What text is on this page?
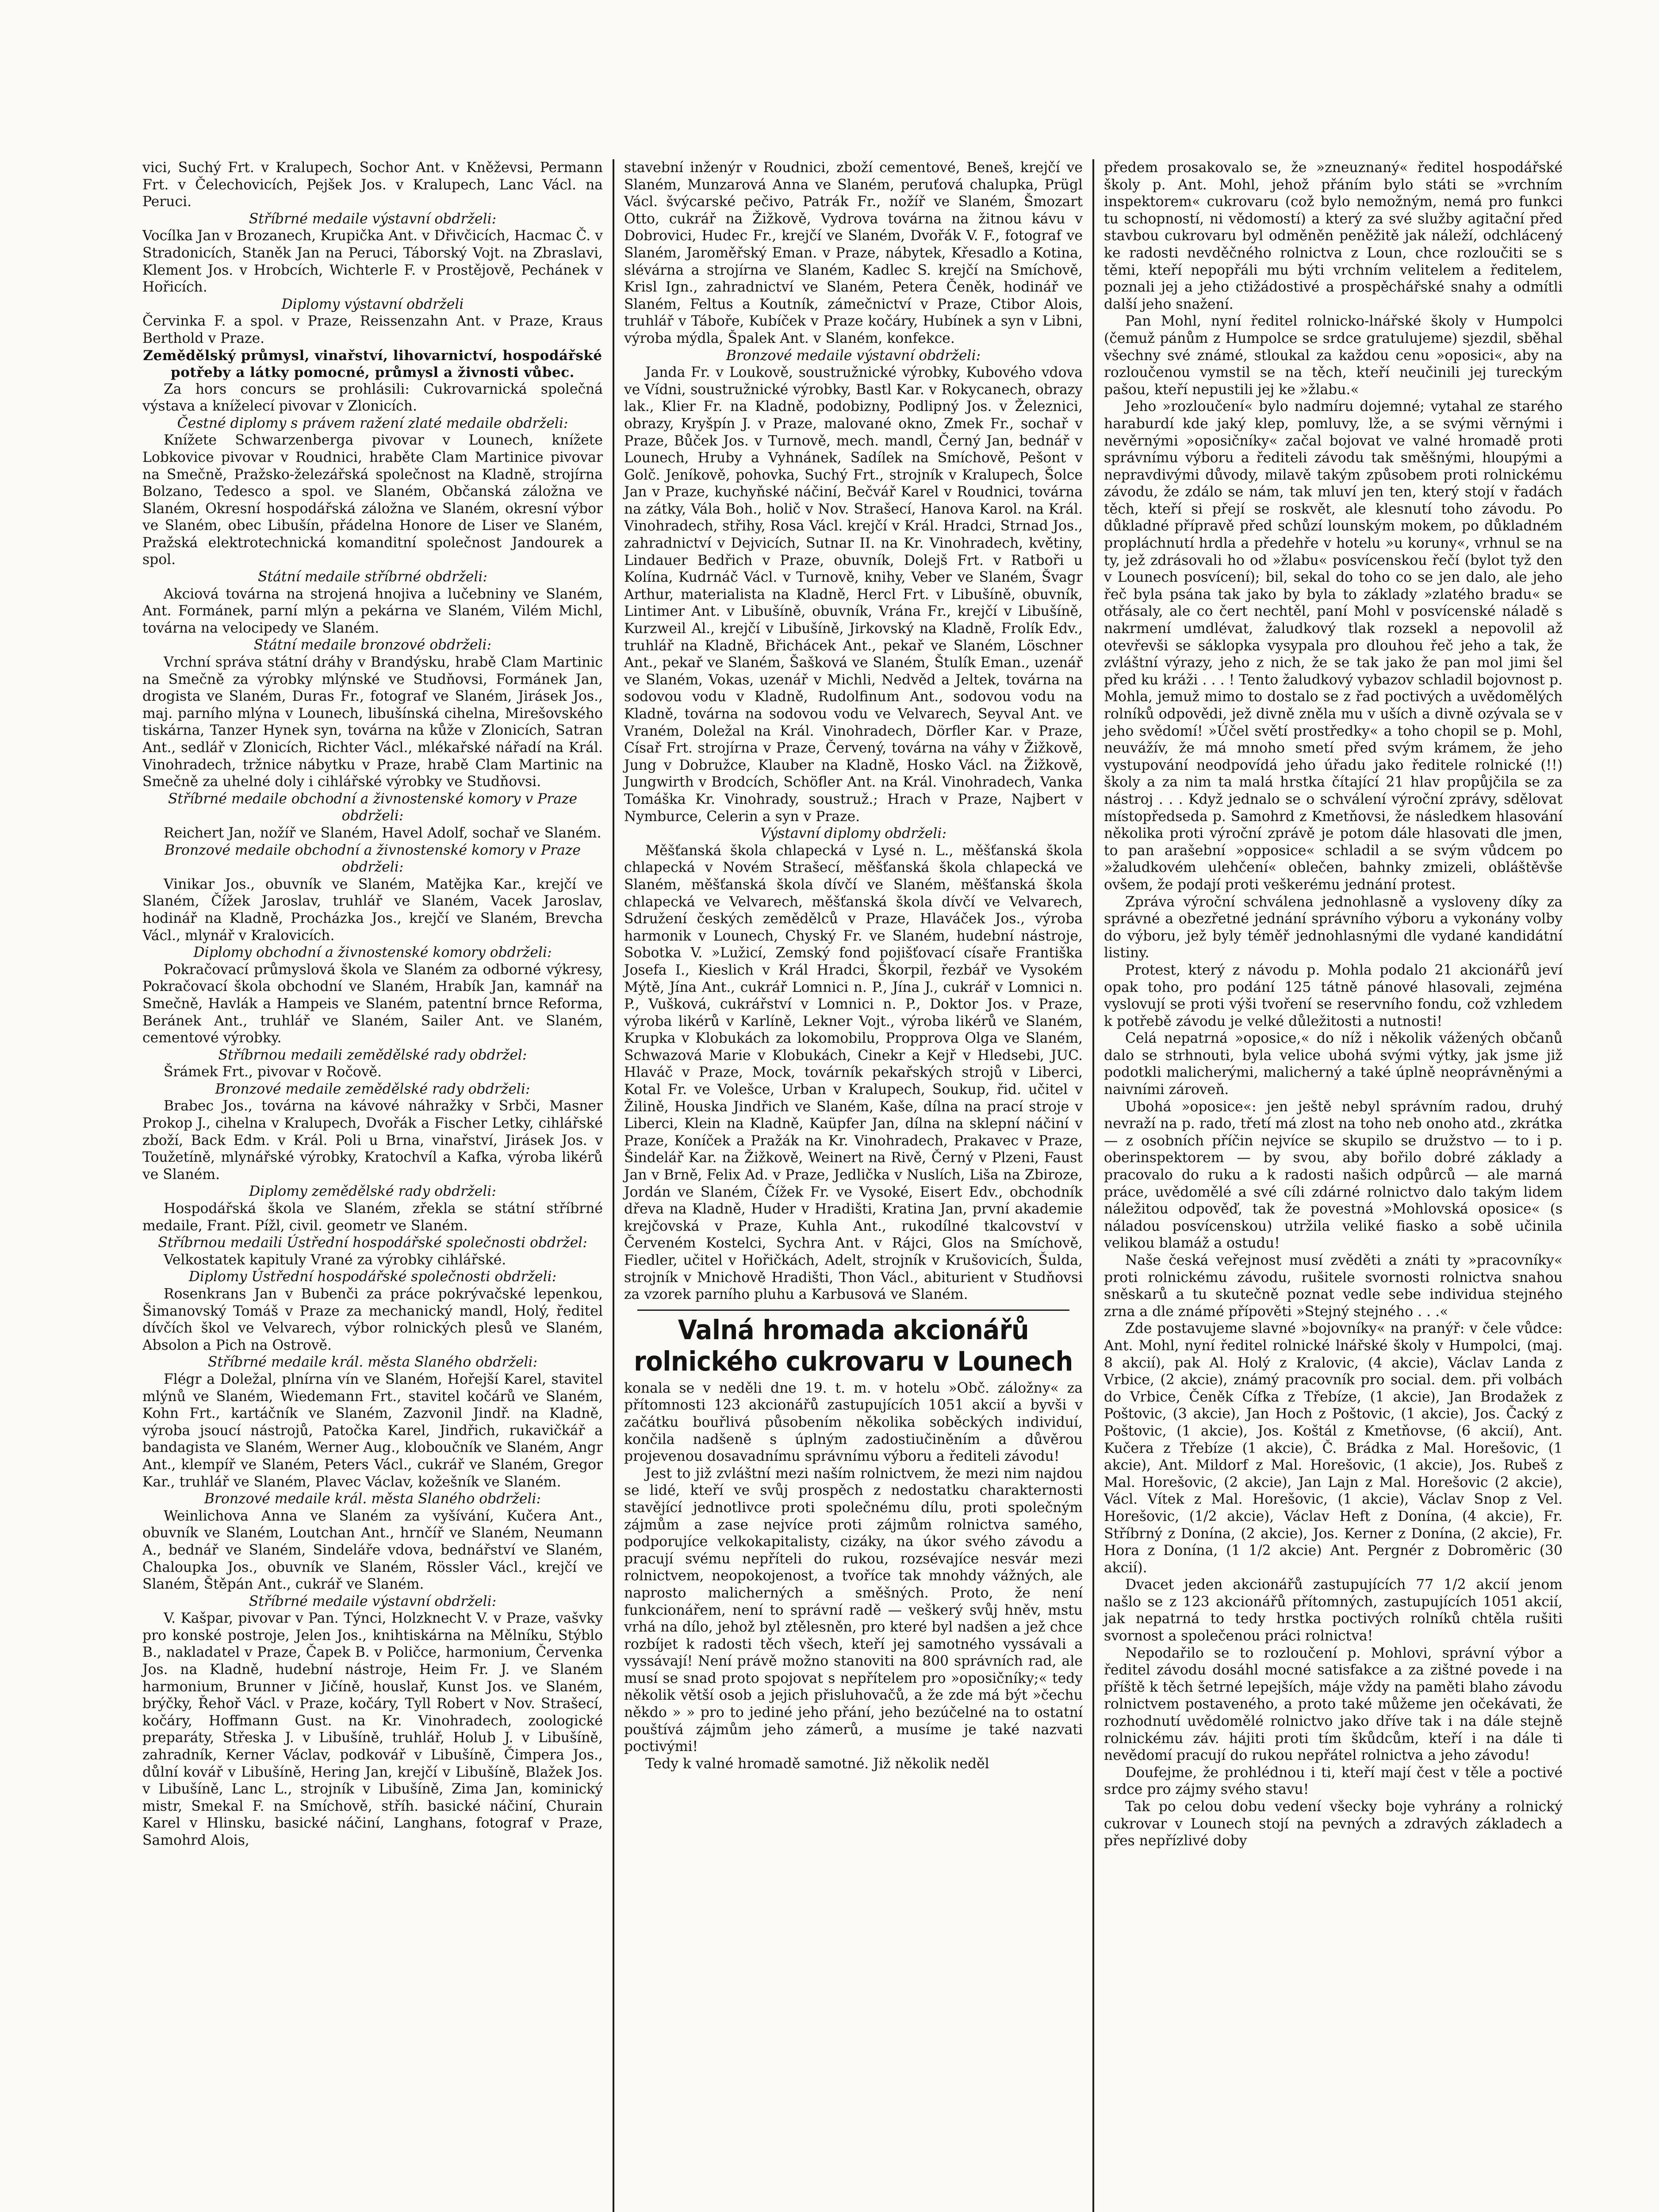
vici, Suchý Frt. v Kralupech, Sochor Ant. v Kněževsi, Permann Frt. v Čelechovicích, Pejšek Jos. v Kralupech, Lanc Václ. na Peruci.

Stříbrné medaile výstavní obdrželi:

Vocílka Jan v Brozanech, Krupička Ant. v Dřivčicích, Hacmac Č. v Stradonicích, Staněk Jan na Peruci, Táborský Vojt. na Zbraslavi, Klement Jos. v Hrobcích, Wichterle F. v Prostějově, Pechánek v Hořicích.

Diplomy výstavní obdrželi

Červinka F. a spol. v Praze, Reissenzahn Ant. v Praze, Kraus Berthold v Praze.

Zemědělský průmysl, vinařství, lihovarnictví, hospodářské potřeby a látky pomocné, průmysl a živnosti vůbec.

Za hors concurs se prohlásili: Cukrovarnická společná výstava a kníželecí pivovar v Zlonicích.

Čestné diplomy s právem ražení zlaté medaile obdrželi:

Knížete Schwarzenberga pivovar v Lounech, knížete Lobkovice pivovar v Roudnici, hraběte Clam Martinice pivovar na Smečně, Pražsko-železářská společnost na Kladně, strojírna Bolzano, Tedesco a spol. ve Slaném, Občanská záložna ve Slaném, Okresní hospodářská záložna ve Slaném, okresní výbor ve Slaném, obec Libušín, přádelna Honore de Liser ve Slaném, Pražská elektrotechnická komanditní společnost Jandourek a spol.

Státní medaile stříbrné obdrželi:

Akciová továrna na strojená hnojiva a lučebniny ve Slaném, Ant. Formánek, parní mlýn a pekárna ve Slaném, Vilém Michl, továrna na velocipedy ve Slaném.

Státní medaile bronzové obdrželi:

Vrchní správa státní dráhy v Brandýsku, hrabě Clam Martinic na Smečně za výrobky mlýnské ve Studňovsi, Formánek Jan, drogista ve Slaném, Duras Fr., fotograf ve Slaném, Jirásek Jos., maj. parního mlýna v Lounech, libušínská cihelna, Mirešovského tiskárna, Tanzer Hynek syn, továrna na kůže v Zlonicích, Satran Ant., sedlář v Zlonicích, Richter Václ., mlékařské nářadí na Král. Vinohradech, tržnice nábytku v Praze, hrabě Clam Martinic na Smečně za uhelné doly i cihlářské výrobky ve Studňovsi.

Stříbrné medaile obchodní a živnostenské komory v Praze obdrželi:

Reichert Jan, nožíř ve Slaném, Havel Adolf, sochař ve Slaném.

Bronzové medaile obchodní a živnostenské komory v Praze obdrželi:

Vinikar Jos., obuvník ve Slaném, Matějka Kar., krejčí ve Slaném, Čížek Jaroslav, truhlář ve Slaném, Vacek Jaroslav, hodinář na Kladně, Procházka Jos., krejčí ve Slaném, Brevcha Václ., mlynář v Kralovicích.

Diplomy obchodní a živnostenské komory obdrželi:

Pokračovací průmyslová škola ve Slaném za odborné výkresy, Pokračovací škola obchodní ve Slaném, Hrabík Jan, kamnář na Smečně, Havlák a Hampeis ve Slaném, patentní brnce Reforma, Beránek Ant., truhlář ve Slaném, Sailer Ant. ve Slaném, cementové výrobky.

Stříbrnou medaili zemědělské rady obdržel:

Šrámek Frt., pivovar v Ročově.

Bronzové medaile zemědělské rady obdrželi:

Brabec Jos., továrna na kávové náhražky v Srbči, Masner Prokop J., cihelna v Kralupech, Dvořák a Fischer Letky, cihlářské zboží, Back Edm. v Král. Poli u Brna, vinařství, Jirásek Jos. v Toužetíně, mlynářské výrobky, Kratochvíl a Kafka, výroba likérů ve Slaném.

Diplomy zemědělské rady obdrželi:

Hospodářská škola ve Slaném, zřekla se státní stříbrné medaile, Frant. Pížl, civil. geometr ve Slaném.

Stříbrnou medaili Ústřední hospodářské společnosti obdržel:

Velkostatek kapituly Vrané za výrobky cihlářské.

Diplomy Ústřední hospodářské společnosti obdrželi:

Rosenkrans Jan v Bubenči za práce pokrývačské lepenkou, Šimanovský Tomáš v Praze za mechanický mandl, Holý, ředitel dívčích škol ve Velvarech, výbor rolnických plesů ve Slaném, Absolon a Pich na Ostrově.

Stříbrné medaile král. města Slaného obdrželi:

Flégr a Doležal, plnírna vín ve Slaném, Hořejší Karel, stavitel mlýnů ve Slaném, Wiedemann Frt., stavitel kočárů ve Slaném, Kohn Frt., kartáčník ve Slaném, Zazvonil Jindř. na Kladně, výroba jsoucí nástrojů, Patočka Karel, Jindřich, rukavičkář a bandagista ve Slaném, Werner Aug., kloboučník ve Slaném, Angr Ant., klempíř ve Slaném, Peters Václ., cukrář ve Slaném, Gregor Kar., truhlář ve Slaném, Plavec Václav, kožešník ve Slaném.

Bronzové medaile král. města Slaného obdrželi:

Weinlichova Anna ve Slaném za vyšívání, Kučera Ant., obuvník ve Slaném, Loutchan Ant., hrnčíř ve Slaném, Neumann A., bednář ve Slaném, Sindeláře vdova, bednářství ve Slaném, Chaloupka Jos., obuvník ve Slaném, Rössler Václ., krejčí ve Slaném, Štěpán Ant., cukrář ve Slaném.

Stříbrné medaile výstavní obdrželi:

V. Kašpar, pivovar v Pan. Týnci, Holzknecht V. v Praze, vašvky pro konské postroje, Jelen Jos., knihtiskárna na Mělníku, Stýblo B., nakladatel v Praze, Čapek B. v Poličce, harmonium, Červenka Jos. na Kladně, hudební nástroje, Heim Fr. J. ve Slaném harmonium, Brunner v Jičíně, houslař, Kunst Jos. ve Slaném, brýčky, Řehoř Václ. v Praze, kočáry, Tyll Robert v Nov. Strašecí, kočáry, Hoffmann Gust. na Kr. Vinohradech, zoologické preparáty, Střeska J. v Libušíně, truhlář, Holub J. v Libušíně, zahradník, Kerner Václav, podkovář v Libušíně, Čimpera Jos., důlní kovář v Libušíně, Hering Jan, krejčí v Libušíně, Blažek Jos. v Libušíně, Lanc L., strojník v Libušíně, Zima Jan, kominický mistr, Smekal F. na Smíchově, stříh. basické náčiní, Churain Karel v Hlinsku, basické náčiní, Langhans, fotograf v Praze, Samohrd Alois,

stavební inženýr v Roudnici, zboží cementové, Beneš, krejčí ve Slaném, Munzarová Anna ve Slaném, peruťová chalupka, Prügl Václ. švýcarské pečivo, Patrák Fr., nožíř ve Slaném, Šmozart Otto, cukrář na Žižkově, Vydrova továrna na žitnou kávu v Dobrovici, Hudec Fr., krejčí ve Slaném, Dvořák V. F., fotograf ve Slaném, Jaroměřský Eman. v Praze, nábytek, Křesadlo a Kotina, slévárna a strojírna ve Slaném, Kadlec S. krejčí na Smíchově, Krisl Ign., zahradnictví ve Slaném, Petera Čeněk, hodinář ve Slaném, Feltus a Koutník, zámečnictví v Praze, Ctibor Alois, truhlář v Táboře, Kubíček v Praze kočáry, Hubínek a syn v Libni, výroba mýdla, Špalek Ant. v Slaném, konfekce.

Bronzové medaile výstavní obdrželi:

Janda Fr. v Loukově, soustružnické výrobky, Kubového vdova ve Vídni, soustružnické výrobky, Bastl Kar. v Rokycanech, obrazy lak., Klier Fr. na Kladně, podobizny, Podlipný Jos. v Železnici, obrazy, Kryšpín J. v Praze, malované okno, Zmek Fr., sochař v Praze, Bůček Jos. v Turnově, mech. mandl, Černý Jan, bednář v Lounech, Hruby a Vyhnánek, Sadílek na Smíchově, Pešont v Golč. Jeníkově, pohovka, Suchý Frt., strojník v Kralupech, Šolce Jan v Praze, kuchyňské náčiní, Bečvář Karel v Roudnici, továrna na zátky, Vála Boh., holič v Nov. Strašecí, Hanova Karol. na Král. Vinohradech, střihy, Rosa Václ. krejčí v Král. Hradci, Strnad Jos., zahradnictví v Dejvicích, Sutnar II. na Kr. Vinohradech, květiny, Lindauer Bedřich v Praze, obuvník, Dolejš Frt. v Ratboři u Kolína, Kudrnáč Václ. v Turnově, knihy, Veber ve Slaném, Švagr Arthur, materialista na Kladně, Hercl Frt. v Libušíně, obuvník, Lintimer Ant. v Libušíně, obuvník, Vrána Fr., krejčí v Libušíně, Kurzweil Al., krejčí v Libušíně, Jirkovský na Kladně, Frolík Edv., truhlář na Kladně, Břichácek Ant., pekař ve Slaném, Löschner Ant., pekař ve Slaném, Šašková ve Slaném, Štulík Eman., uzenář ve Slaném, Vokas, uzenář v Michli, Nedvěd a Jeltek, továrna na sodovou vodu v Kladně, Rudolfinum Ant., sodovou vodu na Kladně, továrna na sodovou vodu ve Velvarech, Seyval Ant. ve Vraném, Doležal na Král. Vinohradech, Dörfler Kar. v Praze, Císař Frt. strojírna v Praze, Červený, továrna na váhy v Žižkově, Jung v Dobružce, Klauber na Kladně, Hosko Václ. na Žižkově, Jungwirth v Brodcích, Schöfler Ant. na Král. Vinohradech, Vanka Tomáška Kr. Vinohrady, soustruž.; Hrach v Praze, Najbert v Nymburce, Celerin a syn v Praze.

Výstavní diplomy obdrželi:

Měšťanská škola chlapecká v Lysé n. L., měšťanská škola chlapecká v Novém Strašecí, měšťanská škola chlapecká ve Slaném, měšťanská škola dívčí ve Slaném, měšťanská škola chlapecká ve Velvarech, měšťanská škola dívčí ve Velvarech, Sdružení českých zemědělců v Praze, Hlaváček Jos., výroba harmonik v Lounech, Chyský Fr. ve Slaném, hudební nástroje, Sobotka V. »Lužicí, Zemský fond pojišťovací císaře Františka Josefa I., Kieslich v Král Hradci, Škorpil, řezbář ve Vysokém Mýtě, Jína Ant., cukrář Lomnici n. P., Jína J., cukrář v Lomnici n. P., Vušková, cukrářství v Lomnici n. P., Doktor Jos. v Praze, výroba likérů v Karlíně, Lekner Vojt., výroba likérů ve Slaném, Krupka v Klobukách za lokomobilu, Propprova Olga ve Slaném, Schwazová Marie v Klobukách, Cinekr a Kejř v Hledsebi, JUC. Hlaváč v Praze, Mock, továrník pekařských strojů v Liberci, Kotal Fr. ve Volešce, Urban v Kralupech, Soukup, řid. učitel v Žilině, Houska Jindřich ve Slaném, Kaše, dílna na prací stroje v Liberci, Klein na Kladně, Kaüpfer Jan, dílna na sklepní náčiní v Praze, Koníček a Pražák na Kr. Vinohradech, Prakavec v Praze, Šindelář Kar. na Žižkově, Weinert na Rivě, Černý v Plzeni, Faust Jan v Brně, Felix Ad. v Praze, Jedlička v Nuslích, Liša na Zbiroze, Jordán ve Slaném, Čížek Fr. ve Vysoké, Eisert Edv., obchodník dřeva na Kladně, Huder v Hradišti, Kratina Jan, první akademie krejčovská v Praze, Kuhla Ant., rukodílné tkalcovství v Červeném Kostelci, Sychra Ant. v Rájci, Glos na Smíchově, Fiedler, učitel v Hořičkách, Adelt, strojník v Krušovicích, Šulda, strojník v Mnichově Hradišti, Thon Václ., abiturient v Studňovsi za vzorek parního pluhu a Karbusová ve Slaném.

Valná hromada akcionářů rolnického cukrovaru v Lounech

konala se v neděli dne 19. t. m. v hotelu »Obč. záložny« za přítomnosti 123 akcionářů zastupujících 1051 akcií a byvši v začátku bouřlivá působením několika soběckých individuí, končila nadšeně s úplným zadostiučiněním a důvěrou projevenou dosavadnímu správnímu výboru a řediteli závodu!

Jest to již zvláštní mezi naším rolnictvem, že mezi nim najdou se lidé, kteří ve svůj prospěch z nedostatku charakternosti stavějící jednotlivce proti společnému dílu, proti společným zájmům a zase nejvíce proti zájmům rolnictva samého, podporujíce velkokapitalisty, cizáky, na úkor svého závodu a pracují svému nepříteli do rukou, rozsévajíce nesvár mezi rolnictvem, neopokojenost, a tvoříce tak mnohdy vážných, ale naprosto malicherných a směšných. Proto, že není funkcionářem, není to správní radě — veškerý svůj hněv, mstu vrhá na dílo, jehož byl ztělesněn, pro které byl nadšen a jež chce rozbíjet k radosti těch všech, kteří jej samotného vyssávali a vyssávají! Není právě možno stanoviti na 800 správních rad, ale musí se snad proto spojovat s nepřítelem pro »oposičníky;« tedy několik větší osob a jejich přisluhovačů, a že zde má být »čechu někdo » » pro to jediné jeho přání, jeho bezúčelné na to ostatní pouštívá zájmům jeho zámerů, a musíme je také nazvati poctivými!

Tedy k valné hromadě samotné. Již několik neděl

předem prosakovalo se, že »zneuznaný« ředitel hospodářské školy p. Ant. Mohl, jehož přáním bylo státi se »vrchním inspektorem« cukrovaru (což bylo nemožným, nemá pro funkci tu schopností, ni vědomostí) a který za své služby agitační před stavbou cukrovaru byl odměněn peněžitě jak náleží, odchlácený ke radosti nevděčného rolnictva z Loun, chce rozloučiti se s těmi, kteří nepopřáli mu býti vrchním velitelem a ředitelem, poznali jej a jeho ctižádostivé a prospěchářské snahy a odmítli další jeho snažení.

Pan Mohl, nyní ředitel rolnicko-lnářské školy v Humpolci (čemuž pánům z Humpolce se srdce gratulujeme) sjezdil, sběhal všechny své známé, stloukal za každou cenu »oposici«, aby na rozloučenou vymstil se na těch, kteří neučinili jej tureckým pašou, kteří nepustili jej ke »žlabu.«

Jeho »rozloučení« bylo nadmíru dojemné; vytahal ze starého haraburdí kde jaký klep, pomluvy, lže, a se svými věrnými i nevěrnými »oposičníky« začal bojovat ve valné hromadě proti správnímu výboru a řediteli závodu tak směšnými, hloupými a nepravdivými důvody, milavě takým způsobem proti rolnickému závodu, že zdálo se nám, tak mluví jen ten, který stojí v řadách těch, kteří si přejí se roskvět, ale klesnutí toho závodu. Po důkladné přípravě před schůzí lounským mokem, po důkladném propláchnutí hrdla a předehře v hotelu »u koruny«, vrhnul se na ty, jež zdrásovali ho od »žlabu« posvícenskou řečí (bylot tyž den v Lounech posvícení); bil, sekal do toho co se jen dalo, ale jeho řeč byla psána tak jako by byla to základy »zlatého bradu« se otřásaly, ale co čert nechtěl, paní Mohl v posvícenské náladě s nakrmení umdlévat, žaludkový tlak rozsekl a nepovolil až otevřevši se sáklopka vysypala pro dlouhou řeč jeho a tak, že zvláštní výrazy, jeho z nich, že se tak jako že pan mol jimi šel před ku kráži . . . ! Tento žaludkový vybazov schladil bojovnost p. Mohla, jemuž mimo to dostalo se z řad poctivých a uvědomělých rolníků odpovědi, jež divně zněla mu v uších a divně ozývala se v jeho svědomí! »Účel světí prostředky« a toho chopil se p. Mohl, neuvážív, že má mnoho smetí před svým krámem, že jeho vystupování neodpovídá jeho úřadu jako ředitele rolnické (!!) školy a za nim ta malá hrstka čítající 21 hlav propůjčila se za nástroj . . . Když jednalo se o schválení výroční zprávy, sdělovat místopředseda p. Samohrd z Kmetňovsi, že následkem hlasování několika proti výroční zprávě je potom dále hlasovati dle jmen, to pan arašební »opposice« schladil a se svým vůdcem po »žaludkovém ulehčení« oblečen, bahnky zmizeli, obláštěvše ovšem, že podají proti veškerému jednání protest.

Zpráva výroční schválena jednohlasně a vysloveny díky za správné a obezřetné jednání správního výboru a vykonány volby do výboru, jež byly téměř jednohlasnými dle vydané kandidátní listiny.

Protest, který z návodu p. Mohla podalo 21 akcionářů jeví opak toho, pro podání 125 tátně pánové hlasovali, zejména vyslovují se proti výši tvoření se reservního fondu, což vzhledem k potřebě závodu je velké důležitosti a nutnosti!

Celá nepatrná »oposice,« do níž i několik vážených občanů dalo se strhnouti, byla velice ubohá svými výtky, jak jsme již podotkli malicherými, malicherný a také úplně neoprávněnými a naivními zároveň.

Ubohá »oposice«: jen ještě nebyl správním radou, druhý nevraží na p. rado, třetí má zlost na toho neb onoho atd., zkrátka — z osobních příčin nejvíce se skupilo se družstvo — to i p. oberinspektorem — by svou, aby bořilo dobré základy a pracovalo do ruku a k radosti našich odpůrců — ale marná práce, uvědomělé a své cíli zdárné rolnictvo dalo takým lidem náležitou odpověď, tak že povestná »Mohlovská oposice« (s náladou posvícenskou) utržila veliké fiasko a sobě učinila velikou blamáž a ostudu!

Naše česká veřejnost musí zvěděti a znáti ty »pracovníky« proti rolnickému závodu, rušitele svornosti rolnictva snahou sněskarů a tu skutečně poznat vedle sebe individua stejného zrna a dle známé přípověti »Stejný stejného . . .«

Zde postavujeme slavné »bojovníky« na pranýř: v čele vůdce: Ant. Mohl, nyní ředitel rolnické lnářské školy v Humpolci, (maj. 8 akcií), pak Al. Holý z Kralovic, (4 akcie), Václav Landa z Vrbice, (2 akcie), známý pracovník pro social. dem. při volbách do Vrbice, Čeněk Cífka z Třebíze, (1 akcie), Jan Brodažek z Poštovic, (3 akcie), Jan Hoch z Poštovic, (1 akcie), Jos. Čacký z Poštovic, (1 akcie), Jos. Koštál z Kmetňovse, (6 akcií), Ant. Kučera z Třebíze (1 akcie), Č. Brádka z Mal. Horešovic, (1 akcie), Ant. Mildorf z Mal. Horešovic, (1 akcie), Jos. Rubeš z Mal. Horešovic, (2 akcie), Jan Lajn z Mal. Horešovic (2 akcie), Václ. Vítek z Mal. Horešovic, (1 akcie), Václav Snop z Vel. Horešovic, (1/2 akcie), Václav Heft z Donína, (4 akcie), Fr. Stříbrný z Donína, (2 akcie), Jos. Kerner z Donína, (2 akcie), Fr. Hora z Donína, (1 1/2 akcie) Ant. Pergnér z Dobroměric (30 akcií).

Dvacet jeden akcionářů zastupujících 77 1/2 akcií jenom našlo se z 123 akcionářů přítomných, zastupujících 1051 akcií, jak nepatrná to tedy hrstka poctivých rolníků chtěla rušiti svornost a společenou práci rolnictva!

Nepodařilo se to rozloučení p. Mohlovi, správní výbor a ředitel závodu dosáhl mocné satisfakce a za zištné povede i na příště k těch šetrné lepejších, máje vždy na paměti blaho závodu rolnictvem postaveného, a proto také můžeme jen očekávati, že rozhodnutí uvědomělé rolnictvo jako dříve tak i na dále stejně rolnickému záv. hájiti proti tím škůdcům, kteří i na dále ti nevědomí pracují do rukou nepřátel rolnictva a jeho závodu!

Doufejme, že prohlédnou i ti, kteří mají čest v těle a poctivé srdce pro zájmy svého stavu!

Tak po celou dobu vedení všecky boje vyhrány a rolnický cukrovar v Lounech stojí na pevných a zdravých základech a přes nepřízlivé doby
